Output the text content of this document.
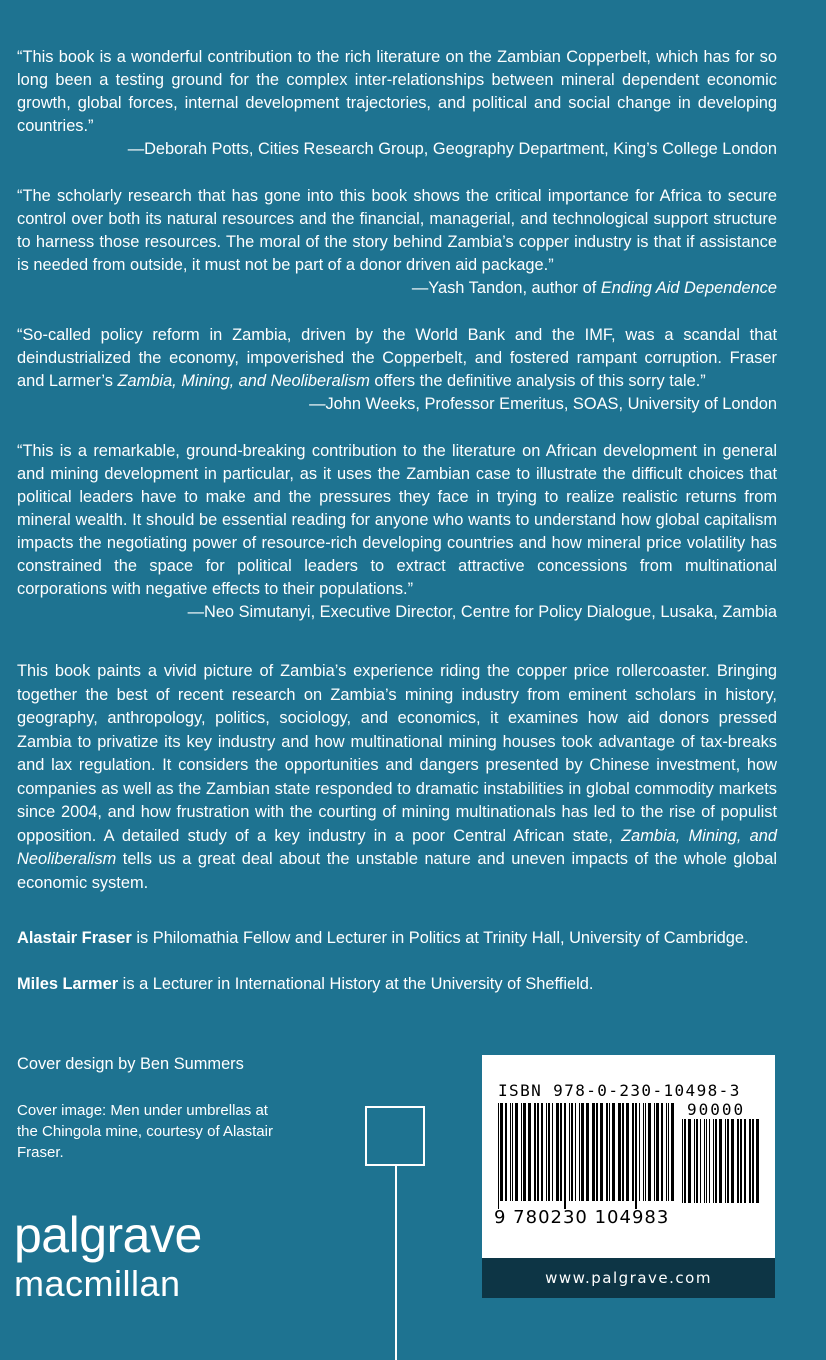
“This book is a wonderful contribution to the rich literature on the Zambian Copperbelt, which has for so long been a testing ground for the complex inter-relationships between mineral dependent economic growth, global forces, internal development trajectories, and political and social change in developing countries.”

—Deborah Potts, Cities Research Group, Geography Department, King’s College London

“The scholarly research that has gone into this book shows the critical importance for Africa to secure control over both its natural resources and the financial, managerial, and technological support structure to harness those resources. The moral of the story behind Zambia’s copper industry is that if assistance is needed from outside, it must not be part of a donor driven aid package.”

—Yash Tandon, author of Ending Aid Dependence

“So-called policy reform in Zambia, driven by the World Bank and the IMF, was a scandal that deindustrialized the economy, impoverished the Copperbelt, and fostered rampant corruption. Fraser and Larmer’s Zambia, Mining, and Neoliberalism offers the definitive analysis of this sorry tale.”

—John Weeks, Professor Emeritus, SOAS, University of London

“This is a remarkable, ground-breaking contribution to the literature on African development in general and mining development in particular, as it uses the Zambian case to illustrate the difficult choices that political leaders have to make and the pressures they face in trying to realize realistic returns from mineral wealth. It should be essential reading for anyone who wants to understand how global capitalism impacts the negotiating power of resource-rich developing countries and how mineral price volatility has constrained the space for political leaders to extract attractive concessions from multinational corporations with negative effects to their populations.”

—Neo Simutanyi, Executive Director, Centre for Policy Dialogue, Lusaka, Zambia

This book paints a vivid picture of Zambia’s experience riding the copper price rollercoaster. Bringing together the best of recent research on Zambia’s mining industry from eminent scholars in history, geography, anthropology, politics, sociology, and economics, it examines how aid donors pressed Zambia to privatize its key industry and how multinational mining houses took advantage of tax-breaks and lax regulation. It considers the opportunities and dangers presented by Chinese investment, how companies as well as the Zambian state responded to dramatic instabilities in global commodity markets since 2004, and how frustration with the courting of mining multinationals has led to the rise of populist opposition. A detailed study of a key industry in a poor Central African state, Zambia, Mining, and Neoliberalism tells us a great deal about the unstable nature and uneven impacts of the whole global economic system.

Alastair Fraser is Philomathia Fellow and Lecturer in Politics at Trinity Hall, University of Cambridge.

Miles Larmer is a Lecturer in International History at the University of Sheffield.

Cover design by Ben Summers

Cover image: Men under umbrellas at the Chingola mine, courtesy of Alastair Fraser.

palgrave
macmillan
ISBN 978-0-230-10498-3
90000
9 780230 104983
www.palgrave.com
